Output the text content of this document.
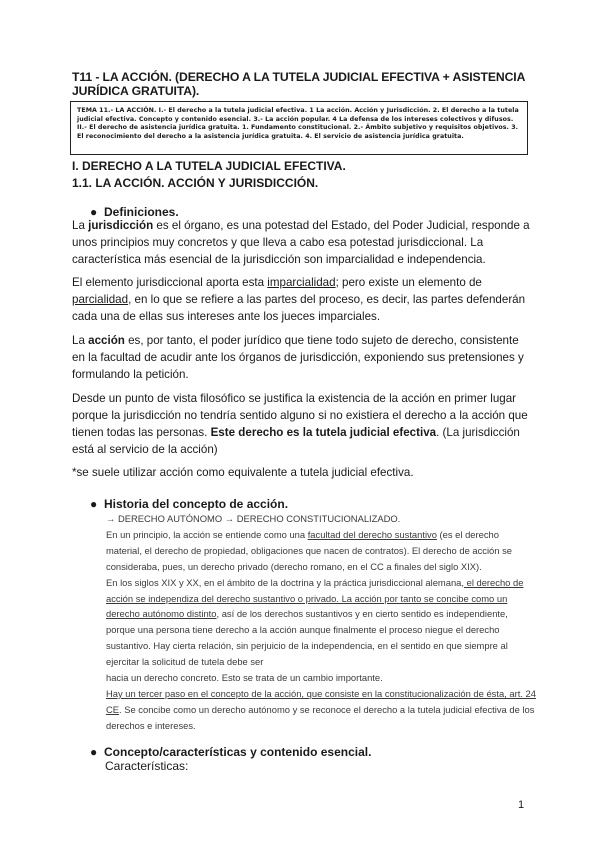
T11 - LA ACCIÓN. (DERECHO A LA TUTELA JUDICIAL EFECTIVA + ASISTENCIA JURÍDICA GRATUITA).
TEMA 11.- LA ACCIÓN. I.- El derecho a la tutela judicial efectiva. 1 La acción. Acción y Jurisdicción. 2. El derecho a la tutela judicial efectiva. Concepto y contenido esencial. 3.- La acción popular. 4 La defensa de los intereses colectivos y difusos. II.- El derecho de asistencia jurídica gratuita. 1. Fundamento constitucional. 2.- Ámbito subjetivo y requisitos objetivos. 3. El reconocimiento del derecho a la asistencia jurídica gratuita. 4. El servicio de asistencia jurídica gratuita.
I. DERECHO A LA TUTELA JUDICIAL EFECTIVA.
1.1. LA ACCIÓN. ACCIÓN Y JURISDICCIÓN.
● Definiciones.

La jurisdicción es el órgano, es una potestad del Estado, del Poder Judicial, responde a unos principios muy concretos y que lleva a cabo esa potestad jurisdiccional. La característica más esencial de la jurisdicción son imparcialidad e independencia.

El elemento jurisdiccional aporta esta imparcialidad; pero existe un elemento de parcialidad, en lo que se refiere a las partes del proceso, es decir, las partes defenderán cada una de ellas sus intereses ante los jueces imparciales.

La acción es, por tanto, el poder jurídico que tiene todo sujeto de derecho, consistente en la facultad de acudir ante los órganos de jurisdicción, exponiendo sus pretensiones y formulando la petición.

Desde un punto de vista filosófico se justifica la existencia de la acción en primer lugar porque la jurisdicción no tendría sentido alguno si no existiera el derecho a la acción que tienen todas las personas. Este derecho es la tutela judicial efectiva. (La jurisdicción está al servicio de la acción)

*se suele utilizar acción como equivalente a tutela judicial efectiva.
● Historia del concepto de acción.

→ DERECHO AUTÓNOMO → DERECHO CONSTITUCIONALIZADO.

En un principio, la acción se entiende como una facultad del derecho sustantivo (es el derecho material, el derecho de propiedad, obligaciones que nacen de contratos). El derecho de acción se consideraba, pues, un derecho privado (derecho romano, en el CC a finales del siglo XIX).

En los siglos XIX y XX, en el ámbito de la doctrina y la práctica jurisdiccional alemana, el derecho de acción se independiza del derecho sustantivo o privado. La acción por tanto se concibe como un derecho autónomo distinto, así de los derechos sustantivos y en cierto sentido es independiente, porque una persona tiene derecho a la acción aunque finalmente el proceso niegue el derecho sustantivo. Hay cierta relación, sin perjuicio de la independencia, en el sentido en que siempre al ejercitar la solicitud de tutela debe ser

hacia un derecho concreto. Esto se trata de un cambio importante.

Hay un tercer paso en el concepto de la acción, que consiste en la constitucionalización de ésta, art. 24 CE. Se concibe como un derecho autónomo y se reconoce el derecho a la tutela judicial efectiva de los derechos e intereses.

● Concepto/características y contenido esencial.
Características:
1
